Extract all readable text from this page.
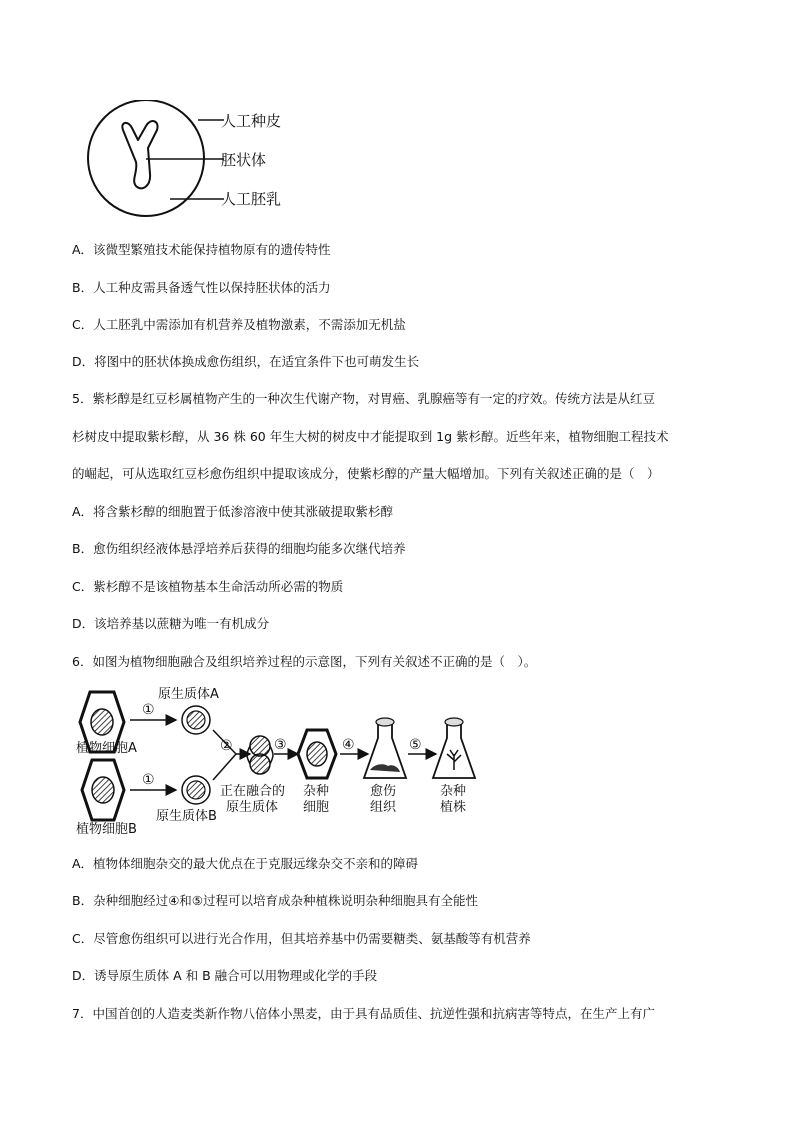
人工种皮
胚状体
人工胚乳
A．该微型繁殖技术能保持植物原有的遗传特性
B．人工种皮需具备透气性以保持胚状体的活力
C．人工胚乳中需添加有机营养及植物激素，不需添加无机盐
D．将图中的胚状体换成愈伤组织，在适宜条件下也可萌发生长
5．紫杉醇是红豆杉属植物产生的一种次生代谢产物，对胃癌、乳腺癌等有一定的疗效。传统方法是从红豆
杉树皮中提取紫杉醇，从 36 株 60 年生大树的树皮中才能提取到 1g 紫杉醇。近些年来，植物细胞工程技术
的崛起，可从选取红豆杉愈伤组织中提取该成分，使紫杉醇的产量大幅增加。下列有关叙述正确的是（　）
A．将含紫杉醇的细胞置于低渗溶液中使其涨破提取紫杉醇
B．愈伤组织经液体悬浮培养后获得的细胞均能多次继代培养
C．紫杉醇不是该植物基本生命活动所必需的物质
D．该培养基以蔗糖为唯一有机成分
6．如图为植物细胞融合及组织培养过程的示意图，下列有关叙述不正确的是（　）。
植物细胞A
植物细胞B
①
①
原生质体A
原生质体B
②
正在融合的
原生质体
③
杂种
细胞
④
愈伤
组织
⑤
杂种
植株
A．植物体细胞杂交的最大优点在于克服远缘杂交不亲和的障碍
B．杂种细胞经过④和⑤过程可以培育成杂种植株说明杂种细胞具有全能性
C．尽管愈伤组织可以进行光合作用，但其培养基中仍需要糖类、氨基酸等有机营养
D．诱导原生质体 A 和 B 融合可以用物理或化学的手段
7．中国首创的人造麦类新作物八倍体小黑麦，由于具有品质佳、抗逆性强和抗病害等特点，在生产上有广
